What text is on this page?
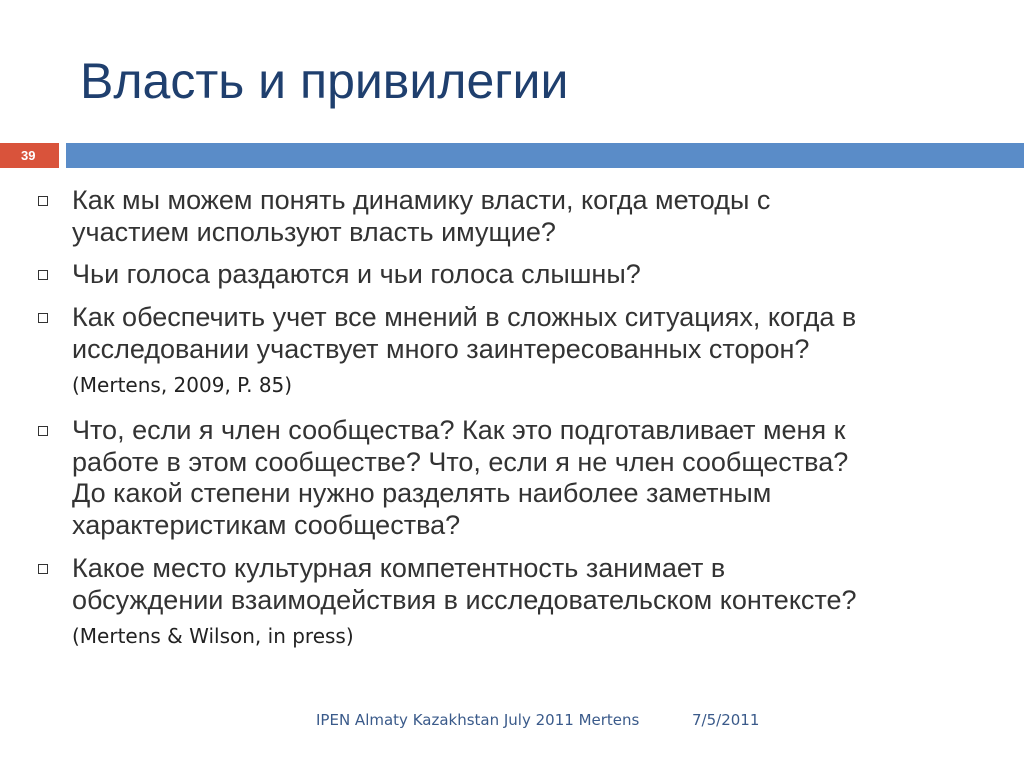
Власть и привилегии
39
Как мы можем понять динамику власти, когда методы с
участием используют власть имущие?
Чьи голоса раздаются и чьи голоса слышны?
Как обеспечить учет все мнений в сложных ситуациях, когда в
исследовании участвует много заинтересованных сторон?
(Mertens, 2009, P. 85)
Что, если я член сообщества? Как это подготавливает меня к
работе в этом сообществе? Что, если я не член сообщества?
До какой степени нужно разделять наиболее заметным
характеристикам сообщества?
Какое место культурная компетентность занимает в
обсуждении взаимодействия в исследовательском контексте?
(Mertens & Wilson, in press)
IPEN Almaty Kazakhstan July 2011 Mertens	7/5/2011
